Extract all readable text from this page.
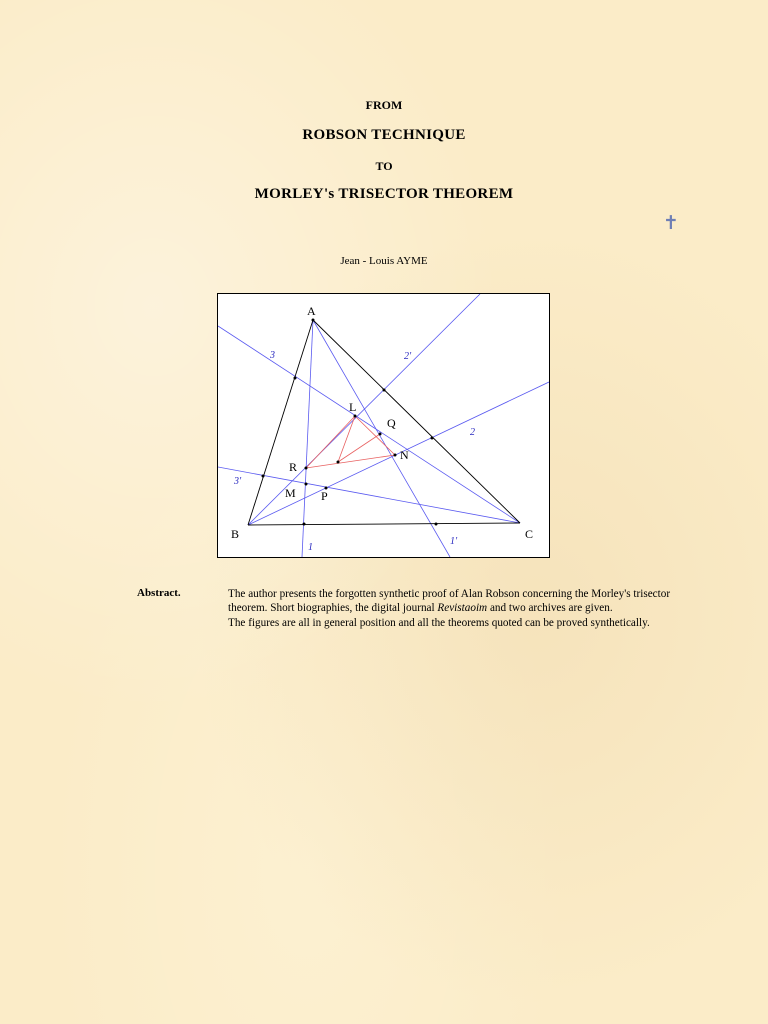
FROM
ROBSON TECHNIQUE
TO
MORLEY's TRISECTOR THEOREM
✝
Jean - Louis AYME
A
B	C
L
Q
R
N
M P
3	2'
2
3'
1
1'
Abstract.	The author presents the forgotten synthetic proof of Alan Robson concerning the Morley's trisector theorem. Short biographies, the digital journal Revistaoim and two archives are given.

The figures are all in general position and all the theorems quoted can be proved synthetically.
